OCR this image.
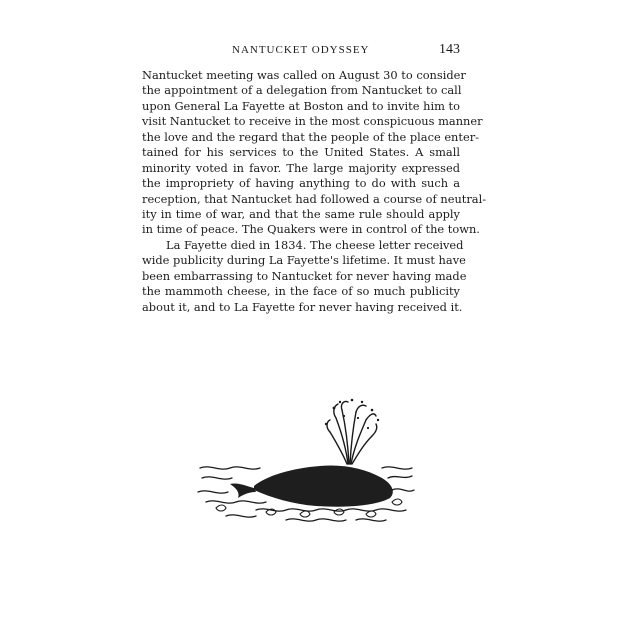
NANTUCKET ODYSSEY	143
Nantucket meeting was called on August 30 to consider
the appointment of a delegation from Nantucket to call
upon General La Fayette at Boston and to invite him to
visit Nantucket to receive in the most conspicuous manner
the love and the regard that the people of the place enter-
tained for his services to the United States. A small
minority voted in favor. The large majority expressed
the impropriety of having anything to do with such a
reception, that Nantucket had followed a course of neutral-
ity in time of war, and that the same rule should apply
in time of peace. The Quakers were in control of the town.
La Fayette died in 1834. The cheese letter received
wide publicity during La Fayette's lifetime. It must have
been embarrassing to Nantucket for never having made
the mammoth cheese, in the face of so much publicity
about it, and to La Fayette for never having received it.
